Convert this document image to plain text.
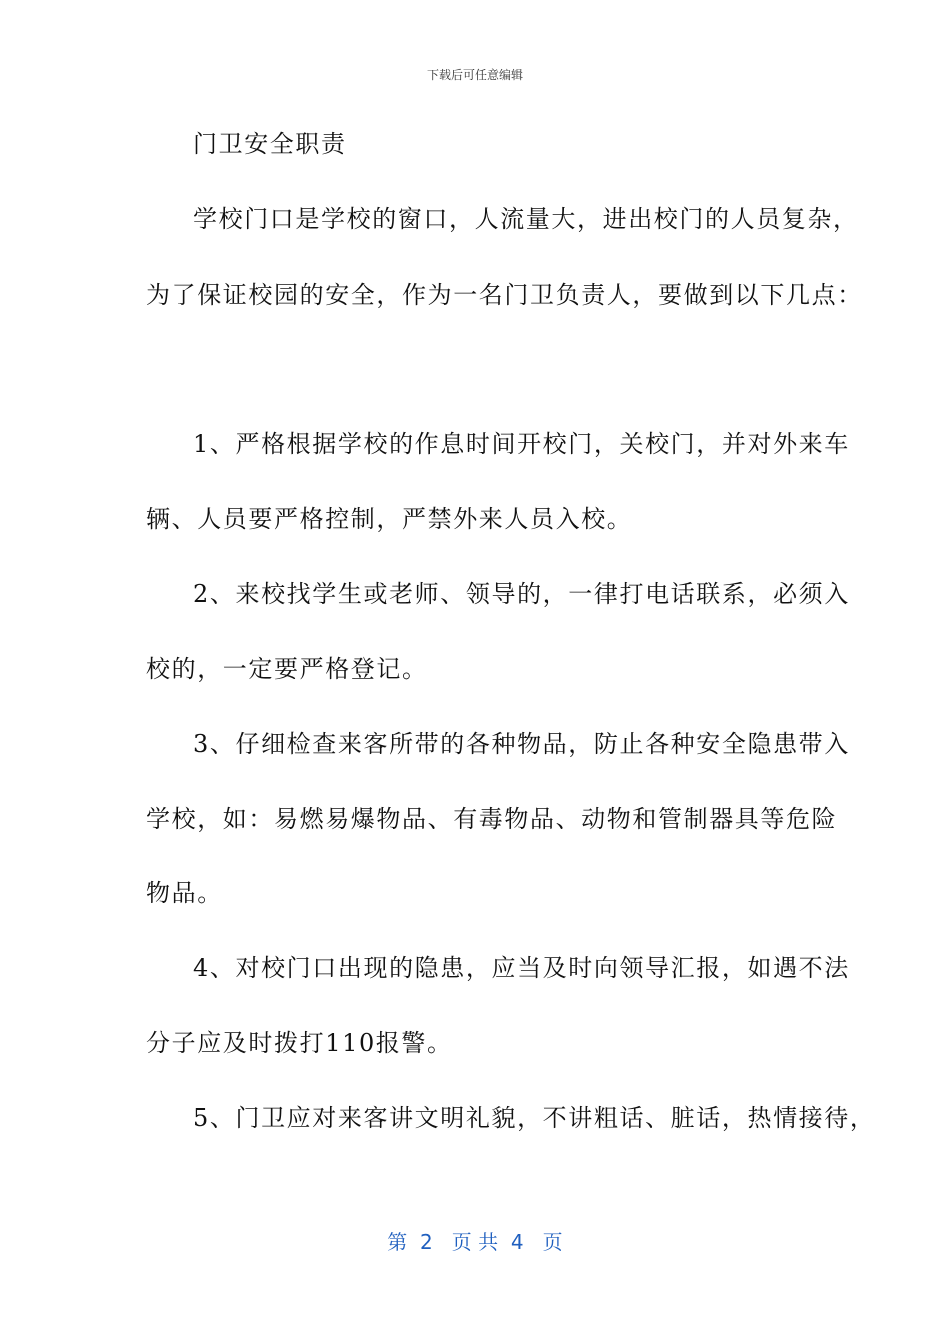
下载后可任意编辑
门卫安全职责
学校门口是学校的窗口，人流量大，进出校门的人员复杂，
为了保证校园的安全，作为一名门卫负责人，要做到以下几点：
1、严格根据学校的作息时间开校门，关校门，并对外来车
辆、人员要严格控制，严禁外来人员入校。
2、来校找学生或老师、领导的，一律打电话联系，必须入
校的，一定要严格登记。
3、仔细检查来客所带的各种物品，防止各种安全隐患带入
学校，如：易燃易爆物品、有毒物品、动物和管制器具等危险
物品。
4、对校门口出现的隐患，应当及时向领导汇报，如遇不法
分子应及时拨打110报警。
5、门卫应对来客讲文明礼貌，不讲粗话、脏话，热情接待，
第  2   页 共  4   页
